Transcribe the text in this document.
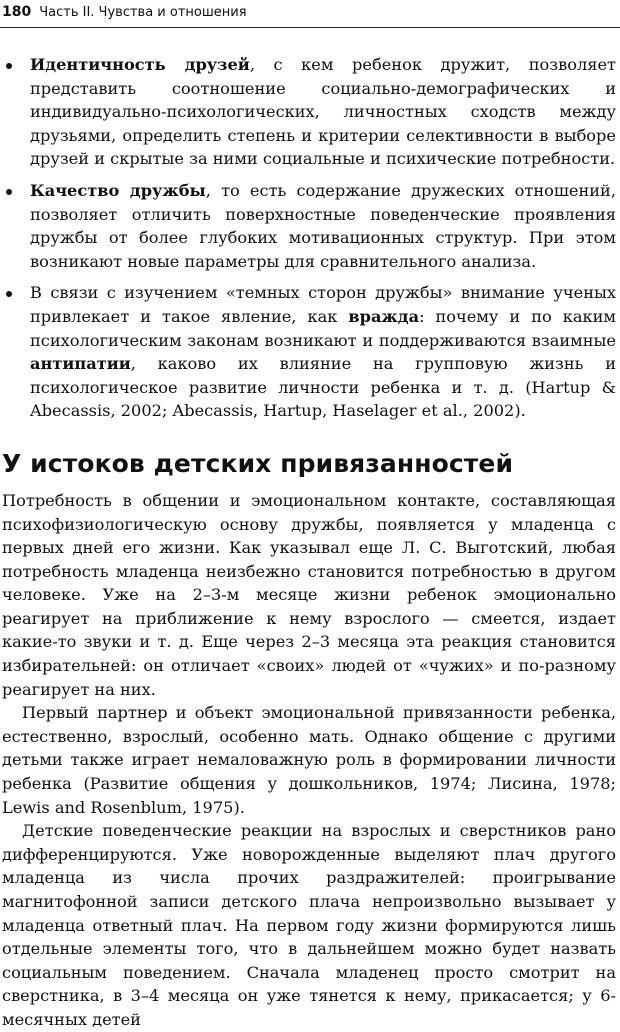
180 Часть II. Чувства и отношения
Идентичность друзей, с кем ребенок дружит, позволяет представить соотношение социально-демографических и индивидуально-психологических, личностных сходств между друзьями, определить степень и критерии селективности в выборе друзей и скрытые за ними социальные и психические потребности.
Качество дружбы, то есть содержание дружеских отношений, позволяет отличить поверхностные поведенческие проявления дружбы от более глубоких мотивационных структур. При этом возникают новые параметры для сравнительного анализа.
В связи с изучением «темных сторон дружбы» внимание ученых привлекает и такое явление, как вражда: почему и по каким психологическим законам возникают и поддерживаются взаимные антипатии, каково их влияние на групповую жизнь и психологическое развитие личности ребенка и т. д. (Hartup & Abecassis, 2002; Abecassis, Hartup, Haselager et al., 2002).
У истоков детских привязанностей

Потребность в общении и эмоциональном контакте, составляющая психофизиологическую основу дружбы, появляется у младенца с первых дней его жизни. Как указывал еще Л. С. Выготский, любая потребность младенца неизбежно становится потребностью в другом человеке. Уже на 2–3-м месяце жизни ребенок эмоционально реагирует на приближение к нему взрослого — смеется, издает какие-то звуки и т. д. Еще через 2–3 месяца эта реакция становится избирательней: он отличает «своих» людей от «чужих» и по-разному реагирует на них.

Первый партнер и объект эмоциональной привязанности ребенка, естественно, взрослый, особенно мать. Однако общение с другими детьми также играет немаловажную роль в формировании личности ребенка (Развитие общения у дошкольников, 1974; Лисина, 1978; Lewis and Rosenblum, 1975).

Детские поведенческие реакции на взрослых и сверстников рано дифференцируются. Уже новорожденные выделяют плач другого младенца из числа прочих раздражителей: проигрывание магнитофонной записи детского плача непроизвольно вызывает у младенца ответный плач. На первом году жизни формируются лишь отдельные элементы того, что в дальнейшем можно будет назвать социальным поведением. Сначала младенец просто смотрит на сверстника, в 3–4 месяца он уже тянется к нему, прикасается; у 6-месячных детей
